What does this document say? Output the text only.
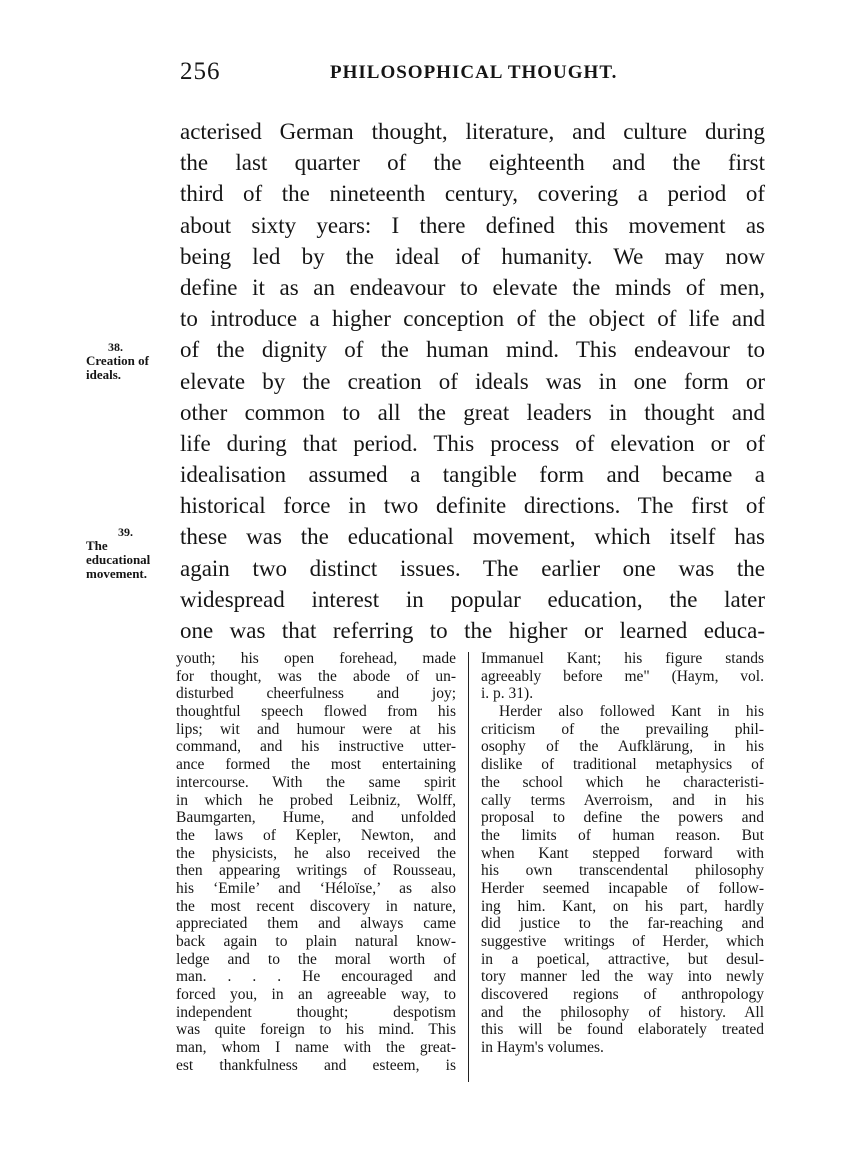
256	PHILOSOPHICAL THOUGHT.
38.
Creation of
ideals.
39.
The
educational
movement.
acterised German thought, literature, and culture during
the last quarter of the eighteenth and the first
third of the nineteenth century, covering a period of
about sixty years: I there defined this movement as
being led by the ideal of humanity. We may now
define it as an endeavour to elevate the minds of men,
to introduce a higher conception of the object of life and
of the dignity of the human mind. This endeavour to
elevate by the creation of ideals was in one form or
other common to all the great leaders in thought and
life during that period. This process of elevation or of
idealisation assumed a tangible form and became a
historical force in two definite directions. The first of
these was the educational movement, which itself has
again two distinct issues. The earlier one was the
widespread interest in popular education, the later
one was that referring to the higher or learned educa-
youth; his open forehead, made
for thought, was the abode of un-
disturbed cheerfulness and joy;
thoughtful speech flowed from his
lips; wit and humour were at his
command, and his instructive utter-
ance formed the most entertaining
intercourse. With the same spirit
in which he probed Leibniz, Wolff,
Baumgarten, Hume, and unfolded
the laws of Kepler, Newton, and
the physicists, he also received the
then appearing writings of Rousseau,
his ‘Emile’ and ‘Héloïse,’ as also
the most recent discovery in nature,
appreciated them and always came
back again to plain natural know-
ledge and to the moral worth of
man. . . . He encouraged and
forced you, in an agreeable way, to
independent thought; despotism
was quite foreign to his mind. This
man, whom I name with the great-
est thankfulness and esteem, is
Immanuel Kant; his figure stands
agreeably before me" (Haym, vol.
i. p. 31).
Herder also followed Kant in his
criticism of the prevailing phil-
osophy of the Aufklärung, in his
dislike of traditional metaphysics of
the school which he characteristi-
cally terms Averroism, and in his
proposal to define the powers and
the limits of human reason. But
when Kant stepped forward with
his own transcendental philosophy
Herder seemed incapable of follow-
ing him. Kant, on his part, hardly
did justice to the far-reaching and
suggestive writings of Herder, which
in a poetical, attractive, but desul-
tory manner led the way into newly
discovered regions of anthropology
and the philosophy of history. All
this will be found elaborately treated
in Haym's volumes.
